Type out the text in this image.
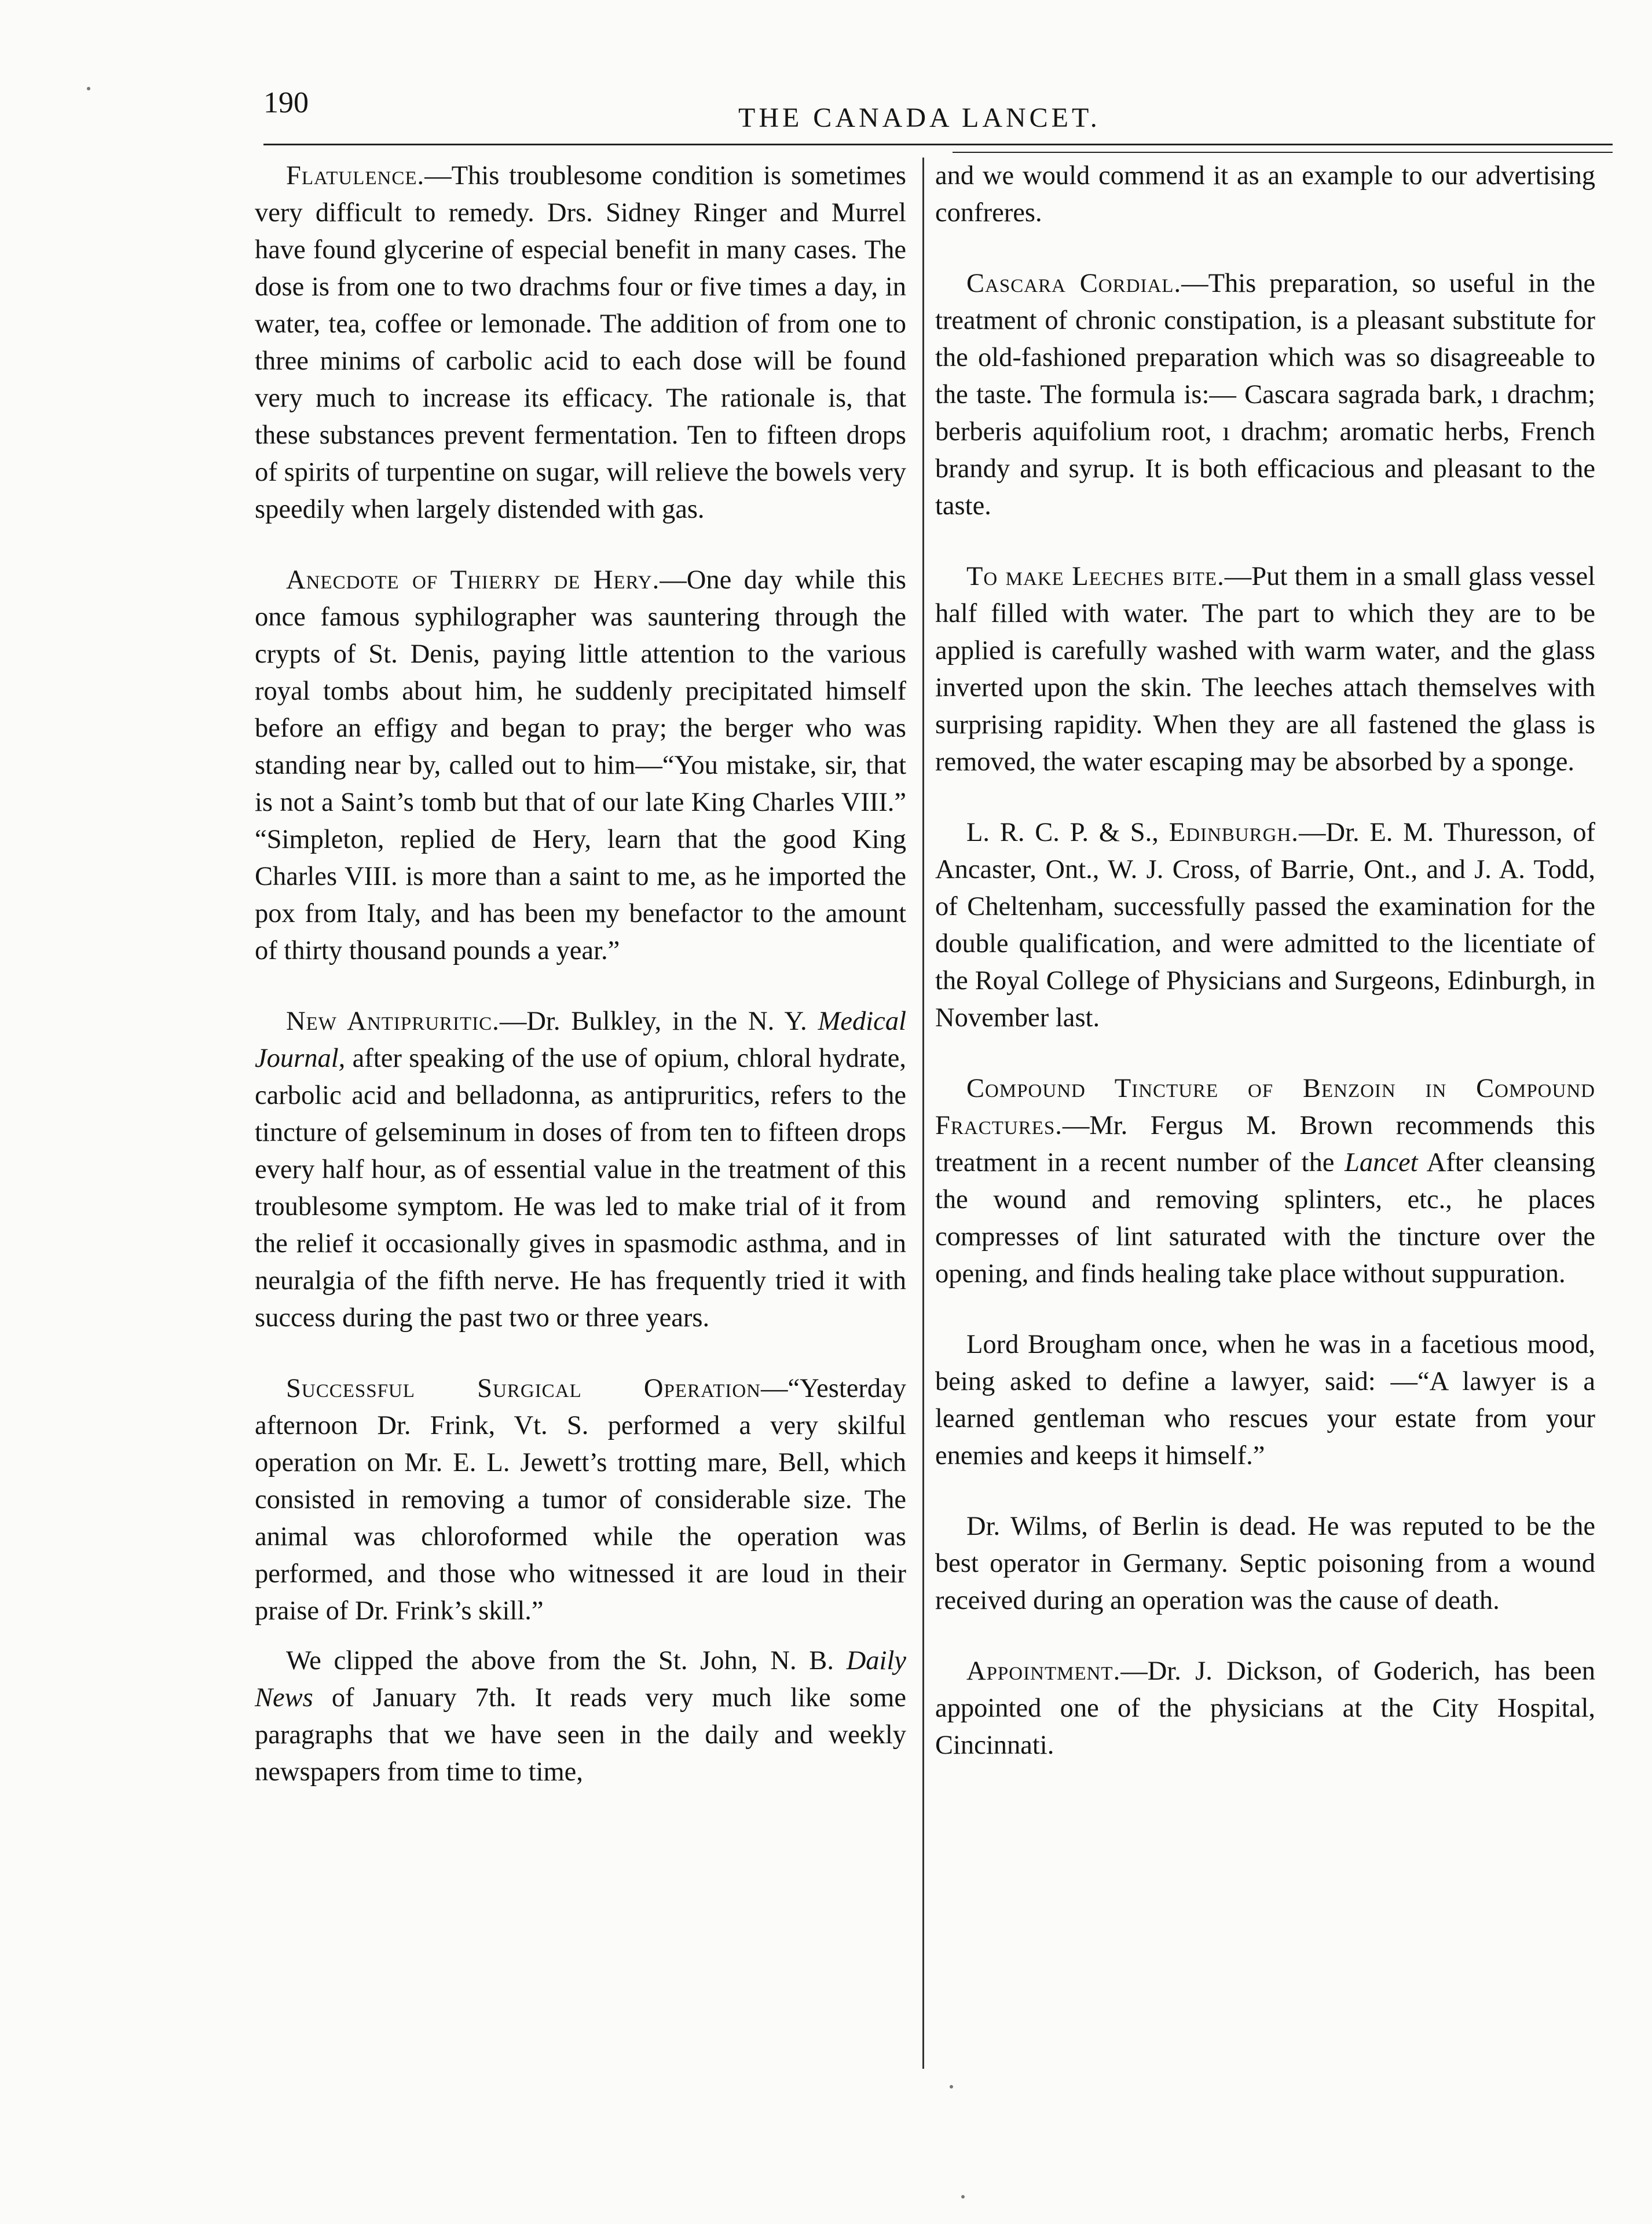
190	THE CANADA LANCET.

Flatulence.—This troublesome condition is sometimes very difficult to remedy. Drs. Sidney Ringer and Murrel have found glycerine of especial benefit in many cases. The dose is from one to two drachms four or five times a day, in water, tea, coffee or lemonade. The addition of from one to three minims of carbolic acid to each dose will be found very much to increase its efficacy. The rationale is, that these substances prevent fermentation. Ten to fifteen drops of spirits of turpentine on sugar, will relieve the bowels very speedily when largely distended with gas.

Anecdote of Thierry de Hery.—One day while this once famous syphilographer was sauntering through the crypts of St. Denis, paying little attention to the various royal tombs about him, he suddenly precipitated himself before an effigy and began to pray; the berger who was standing near by, called out to him—“You mistake, sir, that is not a Saint’s tomb but that of our late King Charles VIII.” “Simpleton, replied de Hery, learn that the good King Charles VIII. is more than a saint to me, as he imported the pox from Italy, and has been my benefactor to the amount of thirty thousand pounds a year.”

New Antipruritic.—Dr. Bulkley, in the N. Y. Medical Journal, after speaking of the use of opium, chloral hydrate, carbolic acid and belladonna, as antipruritics, refers to the tincture of gelseminum in doses of from ten to fifteen drops every half hour, as of essential value in the treatment of this troublesome symptom. He was led to make trial of it from the relief it occasionally gives in spasmodic asthma, and in neuralgia of the fifth nerve. He has frequently tried it with success during the past two or three years.

Successful Surgical Operation—“Yesterday afternoon Dr. Frink, Vt. S. performed a very skilful operation on Mr. E. L. Jewett’s trotting mare, Bell, which consisted in removing a tumor of considerable size. The animal was chloroformed while the operation was performed, and those who witnessed it are loud in their praise of Dr. Frink’s skill.”

We clipped the above from the St. John, N. B. Daily News of January 7th. It reads very much like some paragraphs that we have seen in the daily and weekly newspapers from time to time,

and we would commend it as an example to our advertising confreres.

Cascara Cordial.—This preparation, so useful in the treatment of chronic constipation, is a pleasant substitute for the old-fashioned preparation which was so disagreeable to the taste. The formula is:— Cascara sagrada bark, ı drachm; berberis aquifolium root, ı drachm; aromatic herbs, French brandy and syrup. It is both efficacious and pleasant to the taste.

To make Leeches bite.—Put them in a small glass vessel half filled with water. The part to which they are to be applied is carefully washed with warm water, and the glass inverted upon the skin. The leeches attach themselves with surprising rapidity. When they are all fastened the glass is removed, the water escaping may be absorbed by a sponge.

L. R. C. P. & S., Edinburgh.—Dr. E. M. Thuresson, of Ancaster, Ont., W. J. Cross, of Barrie, Ont., and J. A. Todd, of Cheltenham, successfully passed the examination for the double qualification, and were admitted to the licentiate of the Royal College of Physicians and Surgeons, Edinburgh, in November last.

Compound Tincture of Benzoin in Compound Fractures.—Mr. Fergus M. Brown recommends this treatment in a recent number of the Lancet After cleansing the wound and removing splinters, etc., he places compresses of lint saturated with the tincture over the opening, and finds healing take place without suppuration.

Lord Brougham once, when he was in a facetious mood, being asked to define a lawyer, said: —“A lawyer is a learned gentleman who rescues your estate from your enemies and keeps it himself.”

Dr. Wilms, of Berlin is dead. He was reputed to be the best operator in Germany. Septic poisoning from a wound received during an operation was the cause of death.

Appointment.—Dr. J. Dickson, of Goderich, has been appointed one of the physicians at the City Hospital, Cincinnati.
